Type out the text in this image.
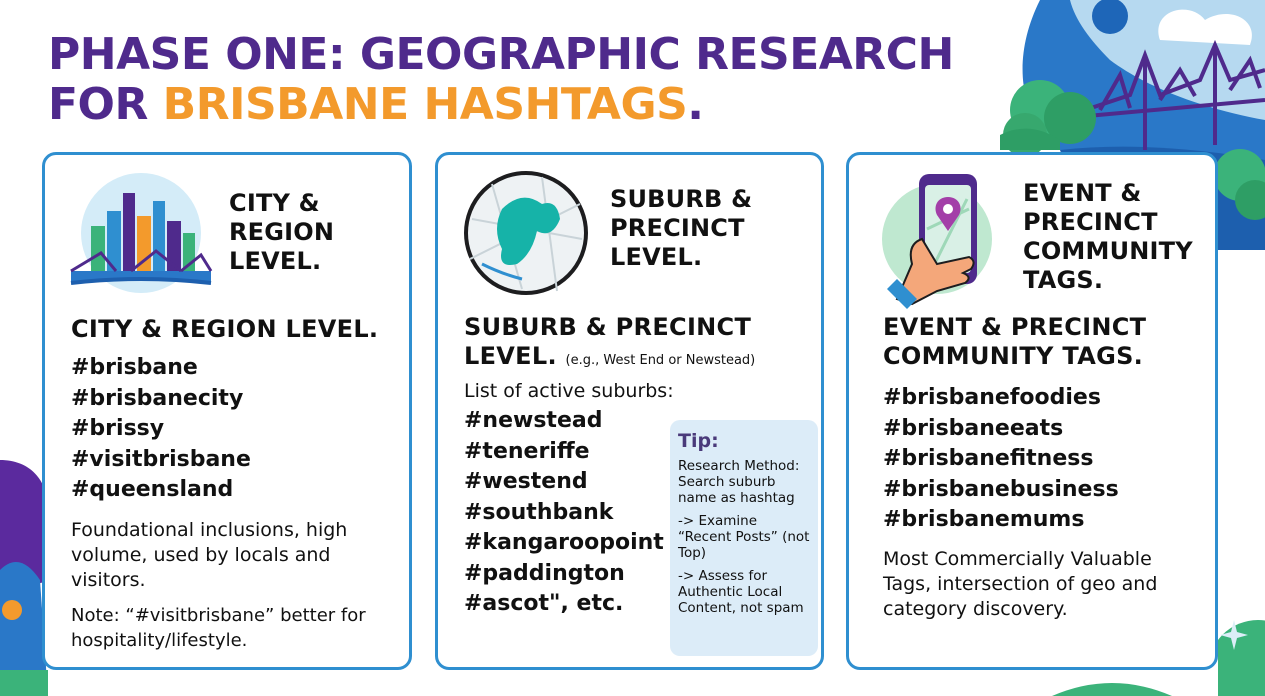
PHASE ONE: GEOGRAPHIC RESEARCH
FOR BRISBANE HASHTAGS.
CITY &
REGION
LEVEL.
CITY & REGION LEVEL.
#brisbane
#brisbanecity
#brissy
#visitbrisbane
#queensland
Foundational inclusions, high volume, used by locals and visitors.
Note: “#visitbrisbane” better for hospitality/lifestyle.
SUBURB &
PRECINCT
LEVEL.
SUBURB & PRECINCT
LEVEL. (e.g., West End or Newstead)
List of active suburbs:
#newstead
#teneriffe
#westend
#southbank
#kangaroopoint
#paddington
#ascot", etc.
Tip:

Research Method: Search suburb name as hashtag

-> Examine “Recent Posts” (not Top)

-> Assess for Authentic Local Content, not spam

EVENT &
PRECINCT
COMMUNITY
TAGS.
EVENT & PRECINCT
COMMUNITY TAGS.
#brisbanefoodies
#brisbaneeats
#brisbanefitness
#brisbanebusiness
#brisbanemums
Most Commercially Valuable Tags, intersection of geo and category discovery.
